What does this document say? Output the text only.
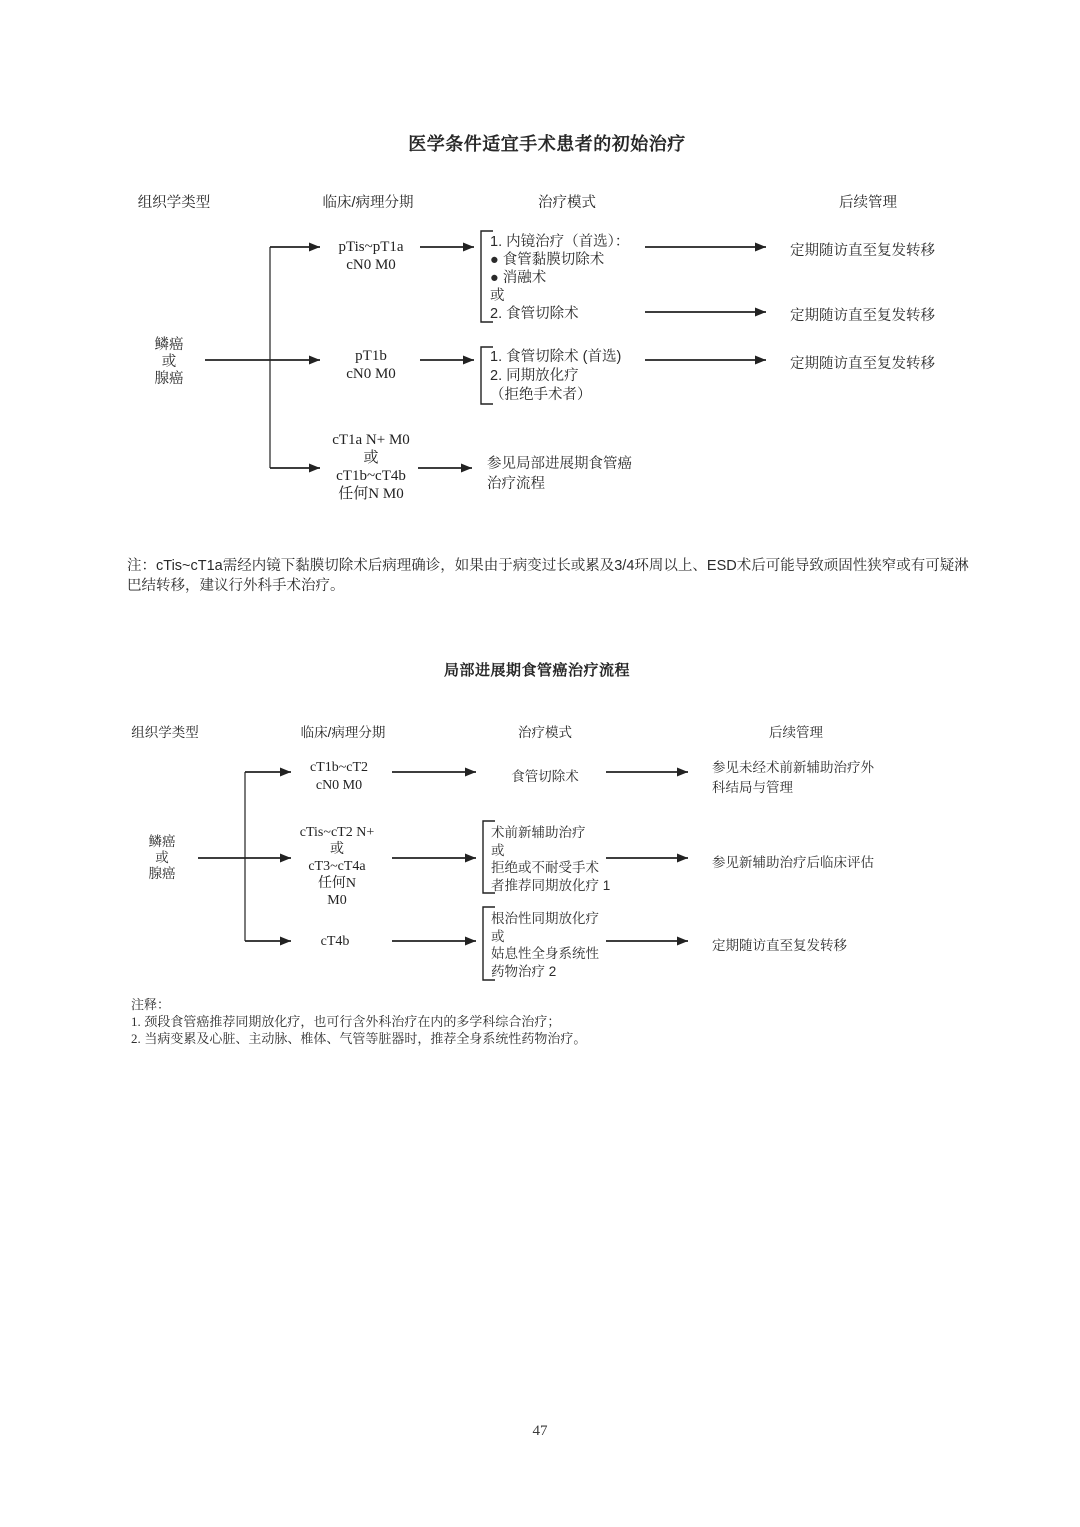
医学条件适宜手术患者的初始治疗
组织学类型	临床/病理分期	治疗模式	后续管理
鳞癌
或
腺癌
pTis~pT1a
cN0 M0
1. 内镜治疗（首选）：
● 食管黏膜切除术
● 消融术
或
2. 食管切除术
定期随访直至复发转移
定期随访直至复发转移
pT1b
cN0 M0
1. 食管切除术 (首选)
2. 同期放化疗
（拒绝手术者）
定期随访直至复发转移
cT1a N+ M0
或
cT1b~cT4b
任何N M0
参见局部进展期食管癌
治疗流程
注：cTis~cT1a需经内镜下黏膜切除术后病理确诊，如果由于病变过长或累及3/4环周以上、ESD术后可能导致顽固性狭窄或有可疑淋
巴结转移，建议行外科手术治疗。
局部进展期食管癌治疗流程
组织学类型	临床/病理分期	治疗模式	后续管理
鳞癌
或
腺癌
cT1b~cT2
cN0 M0
食管切除术
参见未经术前新辅助治疗外
科结局与管理
cTis~cT2 N+
或
cT3~cT4a
任何N
M0
术前新辅助治疗
或
拒绝或不耐受手术
者推荐同期放化疗 1
参见新辅助治疗后临床评估
cT4b
根治性同期放化疗
或
姑息性全身系统性
药物治疗 2
定期随访直至复发转移
注释：
1. 颈段食管癌推荐同期放化疗，也可行含外科治疗在内的多学科综合治疗；
2. 当病变累及心脏、主动脉、椎体、气管等脏器时，推荐全身系统性药物治疗。
47
